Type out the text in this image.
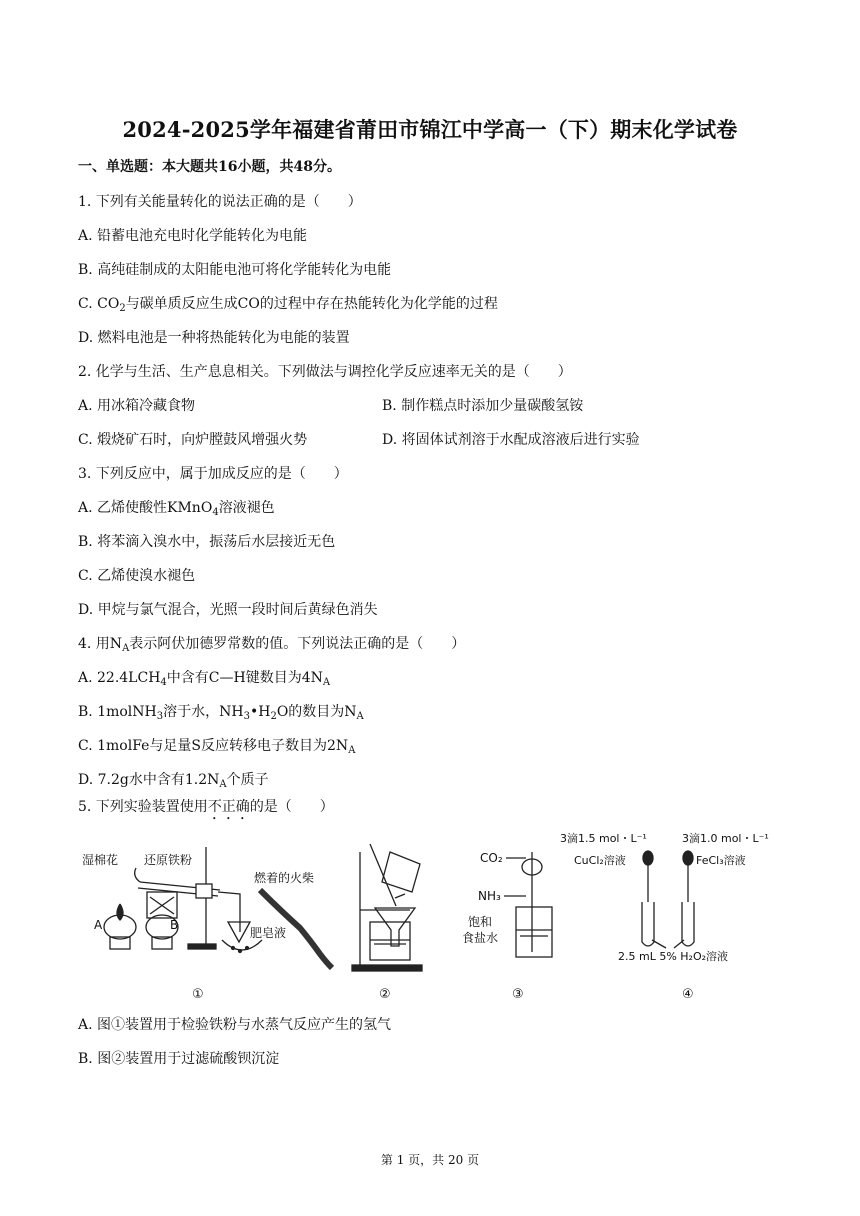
2024-2025学年福建省莆田市锦江中学高一（下）期末化学试卷
一、单选题：本大题共16小题，共48分。
1. 下列有关能量转化的说法正确的是（　　）
A. 铅蓄电池充电时化学能转化为电能
B. 高纯硅制成的太阳能电池可将化学能转化为电能
C. $CO_2$与碳单质反应生成CO的过程中存在热能转化为化学能的过程
D. 燃料电池是一种将热能转化为电能的装置
2. 化学与生活、生产息息相关。下列做法与调控化学反应速率无关的是（　　）
A. 用冰箱冷藏食物	B. 制作糕点时添加少量碳酸氢铵
C. 煅烧矿石时，向炉膛鼓风增强火势	D. 将固体试剂溶于水配成溶液后进行实验
3. 下列反应中，属于加成反应的是（　　）
A. 乙烯使酸性KMnO$_4$溶液褪色
B. 将苯滴入溴水中，振荡后水层接近无色
C. 乙烯使溴水褪色
D. 甲烷与氯气混合，光照一段时间后黄绿色消失
4. 用$N_A$表示阿伏加德罗常数的值。下列说法正确的是（　　）
A. $22.4LCH_4$中含有C—H键数目为$4N_A$
B. 1molNH$_3$溶于水，$NH_3•H_2O$的数目为$N_A$
C. 1molFe与足量S反应转移电子数目为$2N_A$
D. 7.2g水中含有$1.2N_A$个质子
5. 下列实验装置使用不正确的是（　　）
湿棉花 还原铁粉
A	B
燃着的火柴
肥皂液
①	②
CO₂
NH₃
饱和
食盐水
③
3滴1.5 mol・L⁻¹
CuCl₂溶液
3滴1.0 mol・L⁻¹
FeCl₃溶液
2.5 mL 5% H₂O₂溶液
④
A. 图①装置用于检验铁粉与水蒸气反应产生的氢气
B. 图②装置用于过滤硫酸钡沉淀
第 1 页，共 20 页
